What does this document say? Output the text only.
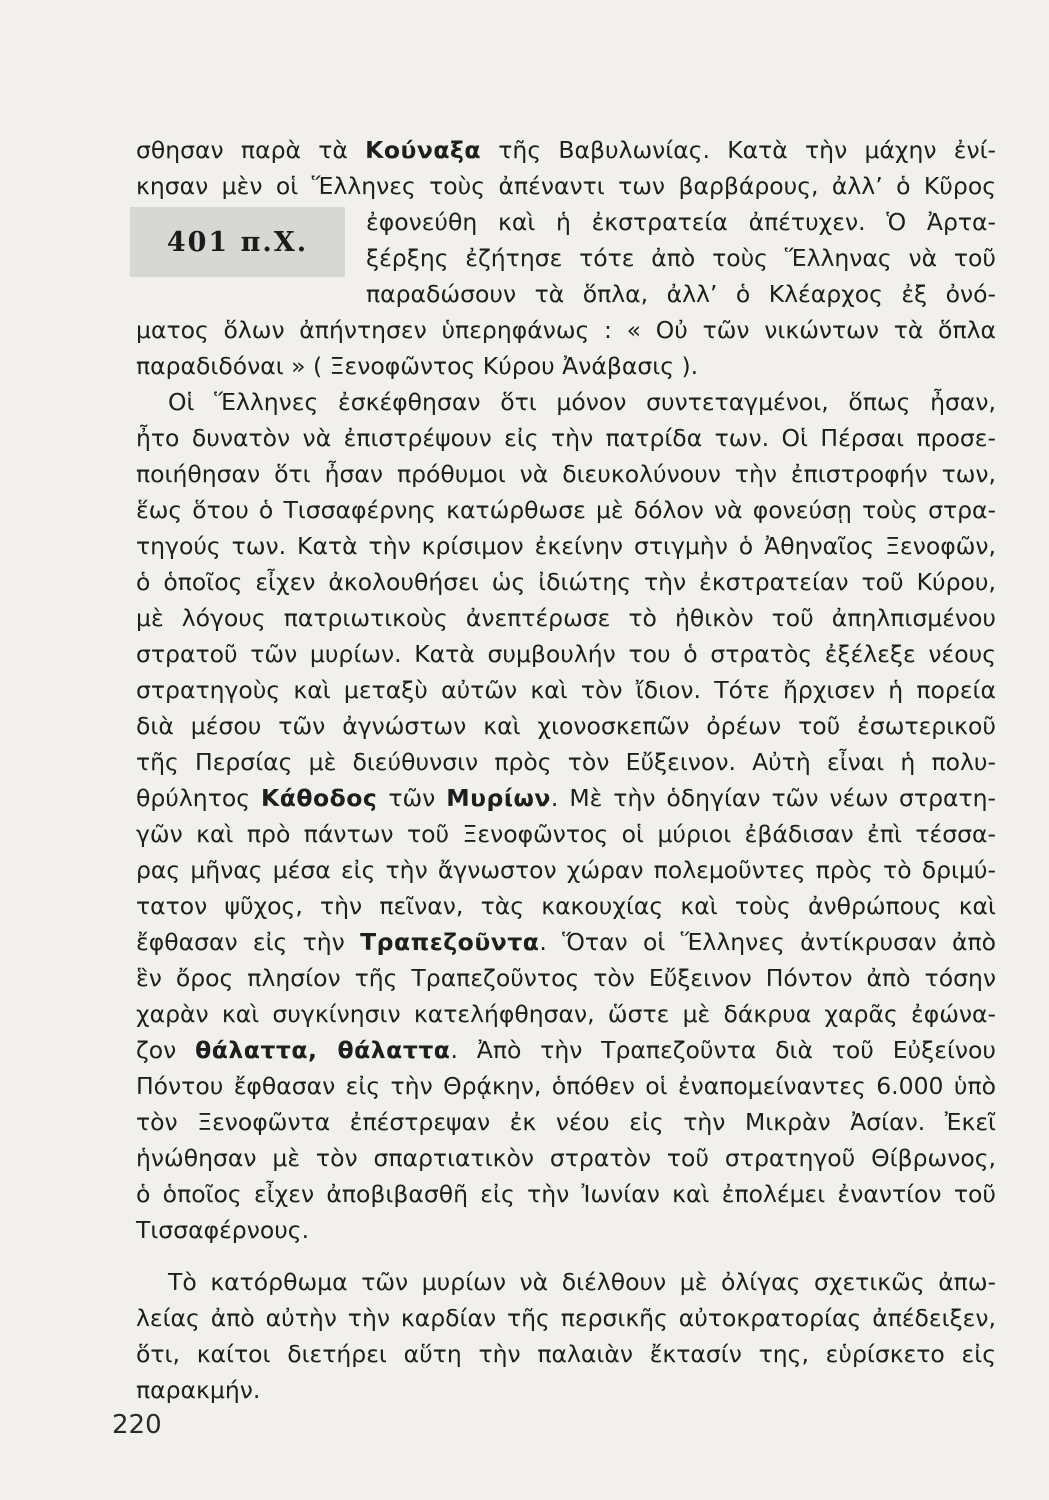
401 π.Χ.
σθησαν παρὰ τὰ Κούναξα τῆς Βαβυλωνίας. Κατὰ τὴν μάχην ἐνί-
κησαν μὲν οἱ Ἕλληνες τοὺς ἀπέναντι των βαρβάρους, ἀλλ’ ὁ Κῦρος
ἐφονεύθη καὶ ἡ ἐκστρατεία ἀπέτυχεν. Ὁ Ἀρτα-
ξέρξης ἐζήτησε τότε ἀπὸ τοὺς Ἕλληνας νὰ τοῦ
παραδώσουν τὰ ὅπλα, ἀλλ’ ὁ Κλέαρχος ἐξ ὀνό-
ματος ὅλων ἀπήντησεν ὑπερηφάνως : « Οὐ τῶν νικώντων τὰ ὅπλα
παραδιδόναι » ( Ξενοφῶντος Κύρου Ἀνάβασις ).
Οἱ Ἕλληνες ἐσκέφθησαν ὅτι μόνον συντεταγμένοι, ὅπως ἦσαν,
ἦτο δυνατὸν νὰ ἐπιστρέψουν εἰς τὴν πατρίδα των. Οἱ Πέρσαι προσε-
ποιήθησαν ὅτι ἦσαν πρόθυμοι νὰ διευκολύνουν τὴν ἐπιστροφήν των,
ἕως ὅτου ὁ Τισσαφέρνης κατώρθωσε μὲ δόλον νὰ φονεύσῃ τοὺς στρα-
τηγούς των. Κατὰ τὴν κρίσιμον ἐκείνην στιγμὴν ὁ Ἀθηναῖος Ξενοφῶν,
ὁ ὁποῖος εἶχεν ἀκολουθήσει ὡς ἰδιώτης τὴν ἐκστρατείαν τοῦ Κύρου,
μὲ λόγους πατριωτικοὺς ἀνεπτέρωσε τὸ ἠθικὸν τοῦ ἀπηλπισμένου
στρατοῦ τῶν μυρίων. Κατὰ συμβουλήν του ὁ στρατὸς ἐξέλεξε νέους
στρατηγοὺς καὶ μεταξὺ αὐτῶν καὶ τὸν ἴδιον. Τότε ἤρχισεν ἡ πορεία
διὰ μέσου τῶν ἀγνώστων καὶ χιονοσκεπῶν ὀρέων τοῦ ἐσωτερικοῦ
τῆς Περσίας μὲ διεύθυνσιν πρὸς τὸν Εὔξεινον. Αὐτὴ εἶναι ἡ πολυ-
θρύλητος Κάθοδος τῶν Μυρίων. Μὲ τὴν ὁδηγίαν τῶν νέων στρατη-
γῶν καὶ πρὸ πάντων τοῦ Ξενοφῶντος οἱ μύριοι ἐβάδισαν ἐπὶ τέσσα-
ρας μῆνας μέσα εἰς τὴν ἄγνωστον χώραν πολεμοῦντες πρὸς τὸ δριμύ-
τατον ψῦχος, τὴν πεῖναν, τὰς κακουχίας καὶ τοὺς ἀνθρώπους καὶ
ἔφθασαν εἰς τὴν Τραπεζοῦντα. Ὅταν οἱ Ἕλληνες ἀντίκρυσαν ἀπὸ
ἓν ὄρος πλησίον τῆς Τραπεζοῦντος τὸν Εὔξεινον Πόντον ἀπὸ τόσην
χαρὰν καὶ συγκίνησιν κατελήφθησαν, ὥστε μὲ δάκρυα χαρᾶς ἐφώνα-
ζον θάλαττα, θάλαττα. Ἀπὸ τὴν Τραπεζοῦντα διὰ τοῦ Εὐξείνου
Πόντου ἔφθασαν εἰς τὴν Θρᾴκην, ὁπόθεν οἱ ἐναπομείναντες 6.000 ὑπὸ
τὸν Ξενοφῶντα ἐπέστρεψαν ἐκ νέου εἰς τὴν Μικρὰν Ἀσίαν. Ἐκεῖ
ἡνώθησαν μὲ τὸν σπαρτιατικὸν στρατὸν τοῦ στρατηγοῦ Θίβρωνος,
ὁ ὁποῖος εἶχεν ἀποβιβασθῆ εἰς τὴν Ἰωνίαν καὶ ἐπολέμει ἐναντίον τοῦ
Τισσαφέρνους.
Τὸ κατόρθωμα τῶν μυρίων νὰ διέλθουν μὲ ὀλίγας σχετικῶς ἀπω-
λείας ἀπὸ αὐτὴν τὴν καρδίαν τῆς περσικῆς αὐτοκρατορίας ἀπέδειξεν,
ὅτι, καίτοι διετήρει αὕτη τὴν παλαιὰν ἔκτασίν της, εὑρίσκετο εἰς
παρακμήν.
220
